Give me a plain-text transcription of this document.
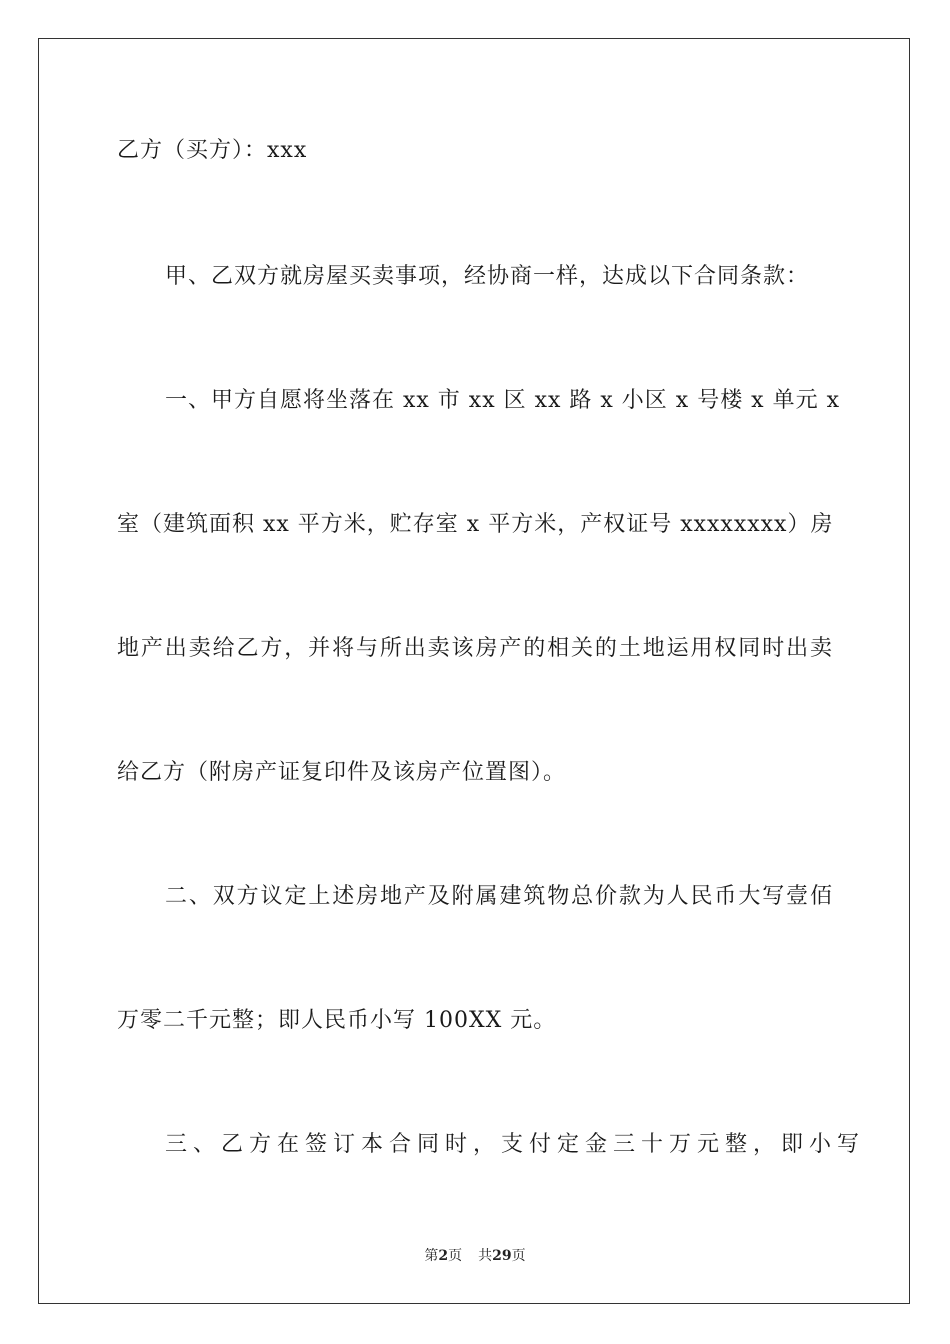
乙方（买方）：xxx
甲、乙双方就房屋买卖事项，经协商一样，达成以下合同条款：
一、甲方自愿将坐落在 xx 市 xx 区 xx 路 x 小区 x 号楼 x 单元 x
室（建筑面积 xx 平方米，贮存室 x 平方米，产权证号 xxxxxxxx）房
地产出卖给乙方，并将与所出卖该房产的相关的土地运用权同时出卖
给乙方（附房产证复印件及该房产位置图）。
二、双方议定上述房地产及附属建筑物总价款为人民币大写壹佰
万零二千元整；即人民币小写 100XX 元。
三、乙方在签订本合同时，支付定金三十万元整，即小写
第2页 共29页
